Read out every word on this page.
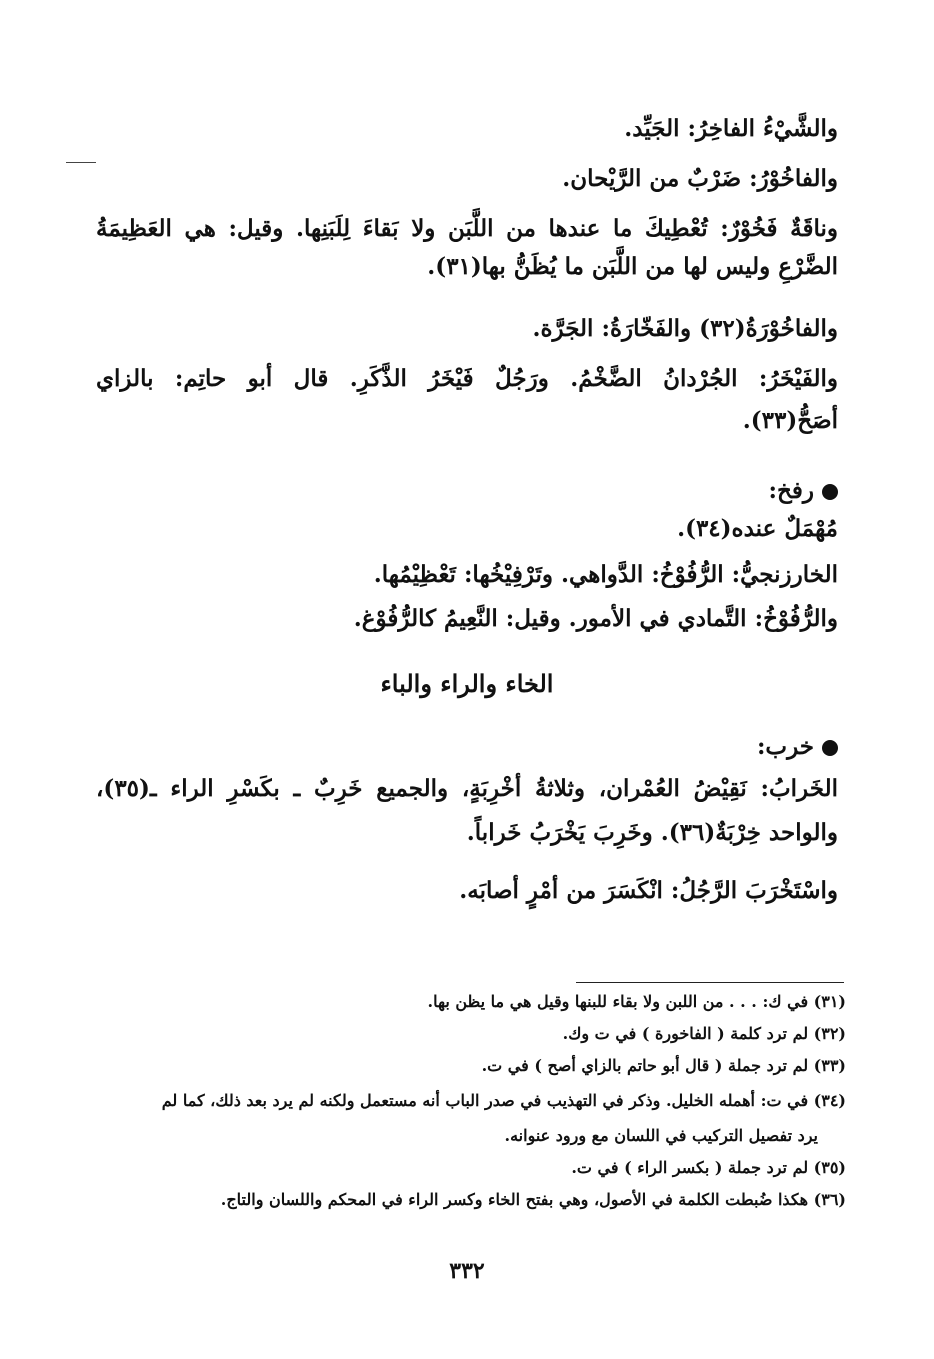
والشَّيْءُ الفاخِرُ: الجَيِّد.
والفاخُوْرُ: ضَرْبٌ من الرَّيْحان.
وناقَةٌ فَخُوْرٌ: تُعْطِيكَ ما عندها من اللَّبَن ولا بَقاءَ لِلَبَنِها. وقيل: هي العَظِيمَةُ
الضَّرْعِ وليس لها من اللَّبَن ما يُظَنُّ بها(٣١).
والفاخُوْرَةُ(٣٢) والفَخّارَةُ: الجَرَّة.
والفَيْخَرُ: الجُرْدانُ الضَّخْمُ. ورَجُلٌ فَيْخَرُ الذَّكَرِ. قال أبو حاتِم: بالزاي
أصَحُّ(٣٣).
رفخ:
مُهْمَلٌ عنده(٣٤).
الخارزنجيُّ: الرُّفُوْخُ: الدَّواهي. وتَرْفِيْخُها: تَعْظِيْمُها.
والرُّفُوْخُ: التَّمادي في الأمور. وقيل: النَّعِيمُ كالرُّفُوْغ.
الخاء والراء والباء
خرب:
الخَرابُ: نَقِيْضُ العُمْران، وثلاثةُ أخْرِبَةٍ، والجميع خَرِبٌ ـ بكَسْرِ الراء ـ(٣٥)،
والواحد خِرْبَةٌ(٣٦). وخَرِبَ يَخْرَبُ خَراباً.
واسْتَخْرَبَ الرَّجُلُ: انْكَسَرَ من أمْرٍ أصابَه.
(٣١) في ك: . . . من اللبن ولا بقاء للبنها وقيل هي ما يظن بها.
(٣٢) لم ترد كلمة ( الفاخورة ) في ت وك.
(٣٣) لم ترد جملة ( قال أبو حاتم بالزاي أصح ) في ت.
(٣٤) في ت: أهمله الخليل. وذكر في التهذيب في صدر الباب أنه مستعمل ولكنه لم يرد بعد ذلك، كما لم
يرد تفصيل التركيب في اللسان مع ورود عنوانه.
(٣٥) لم ترد جملة ( بكسر الراء ) في ت.
(٣٦) هكذا ضُبطت الكلمة في الأصول، وهي بفتح الخاء وكسر الراء في المحكم واللسان والتاج.
٣٣٢
